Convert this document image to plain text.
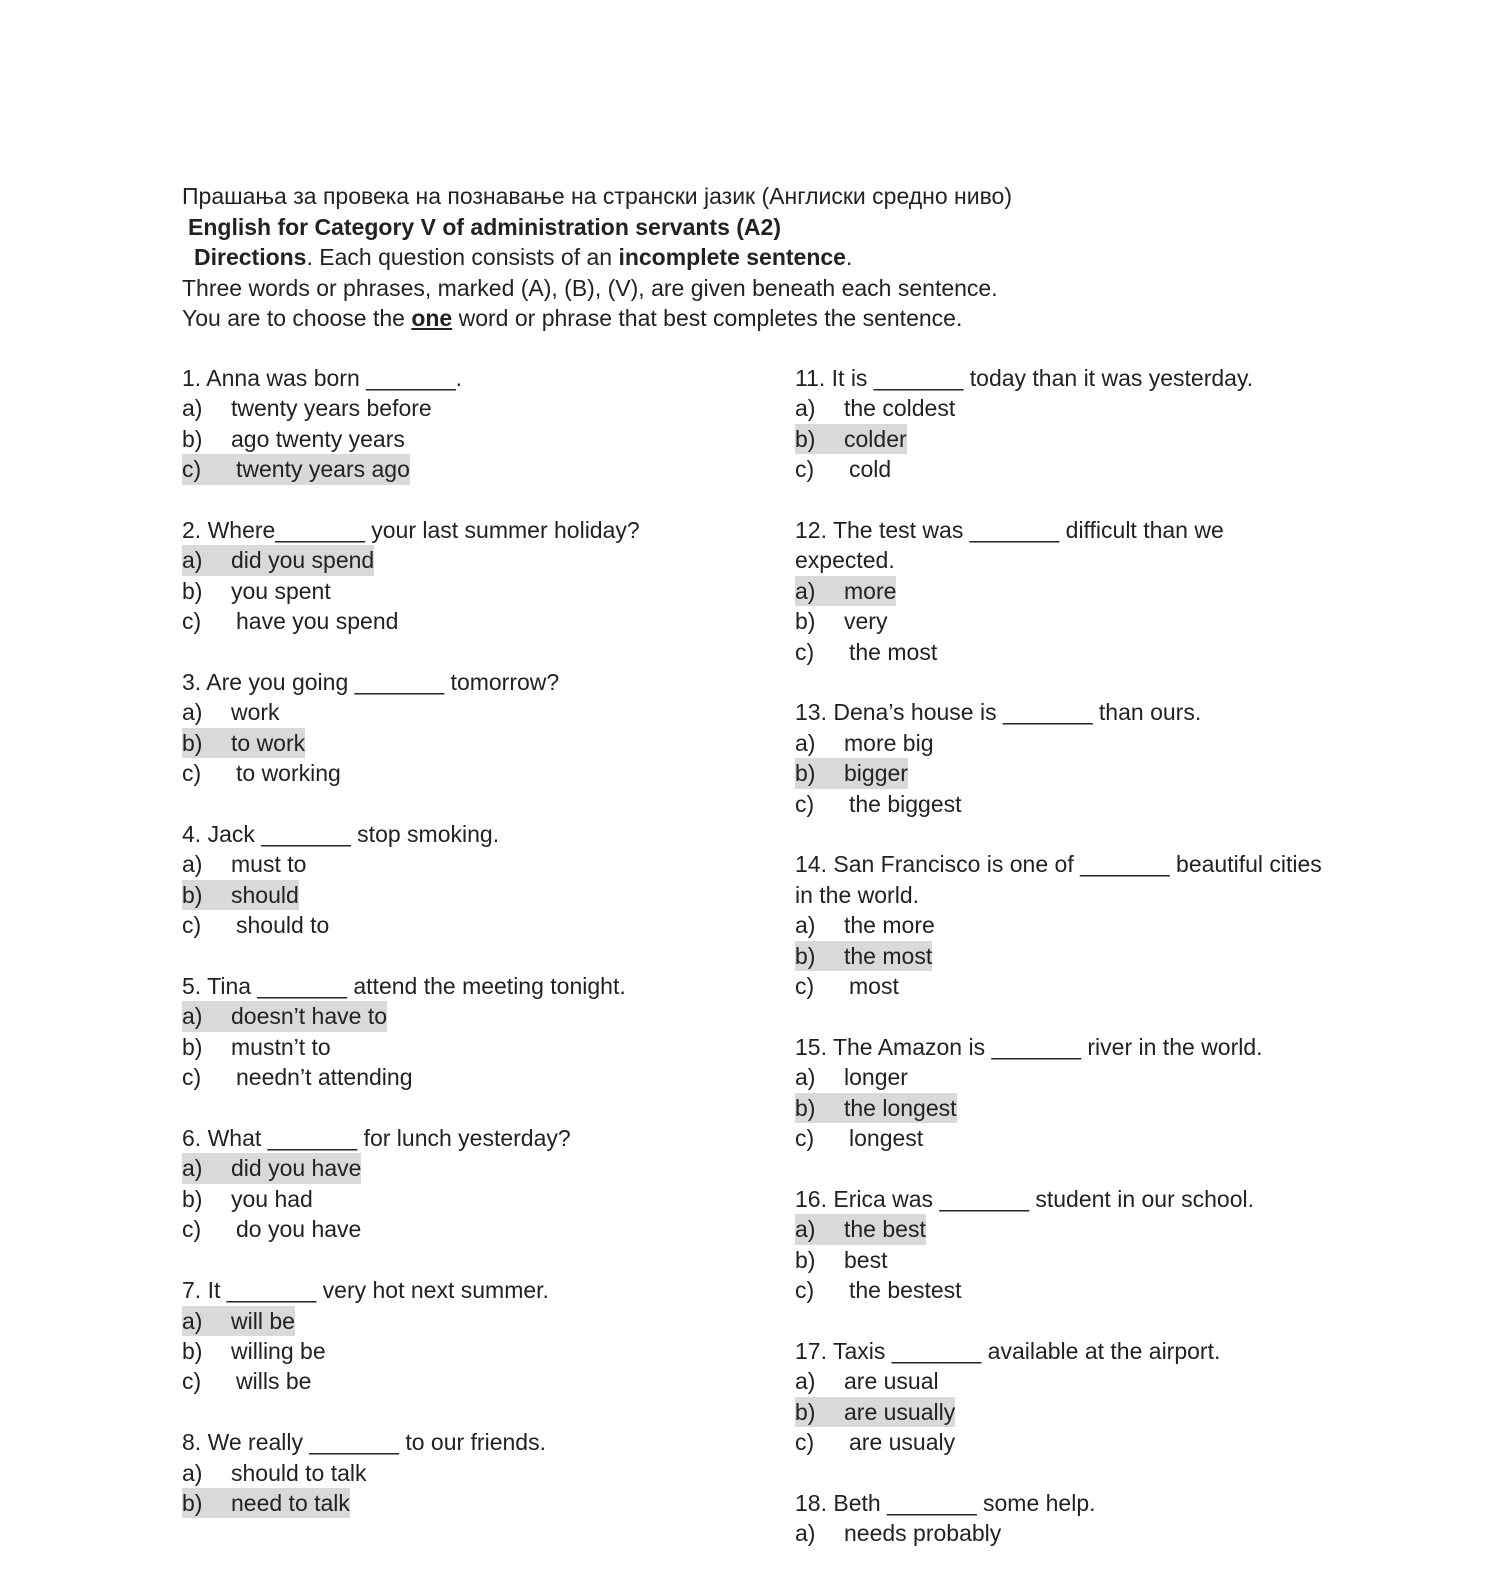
Прашања за провека на познавање на странски јазик (Англиски средно ниво)
English for Category V of administration servants (A2)
Directions. Each question consists of an incomplete sentence.
Three words or phrases, marked (A), (B), (V), are given beneath each sentence.
You are to choose the one word or phrase that best completes the sentence.
1. Anna was born _______.
a) twenty years before
b) ago twenty years
c) twenty years ago
2. Where_______ your last summer holiday?
a) did you spend
b) you spent
c) have you spend
3. Are you going _______ tomorrow?
a) work
b) to work
c) to working
4. Jack _______ stop smoking.
a) must to
b) should
c) should to
5. Tina _______ attend the meeting tonight.
a) doesn’t have to
b) mustn’t to
c) needn’t attending
6. What _______ for lunch yesterday?
a) did you have
b) you had
c) do you have
7. It _______ very hot next summer.
a) will be
b) willing be
c) wills be
8. We really _______ to our friends.
a) should to talk
b) need to talk
11. It is _______ today than it was yesterday.
a) the coldest
b) colder
c) cold
12. The test was _______ difficult than we expected.
a) more
b) very
c) the most
13. Dena’s house is _______ than ours.
a) more big
b) bigger
c) the biggest
14. San Francisco is one of _______ beautiful cities in the world.
a) the more
b) the most
c) most
15. The Amazon is _______ river in the world.
a) longer
b) the longest
c) longest
16. Erica was _______ student in our school.
a) the best
b) best
c) the bestest
17. Taxis _______ available at the airport.
a) are usual
b) are usually
c) are usualy
18. Beth _______ some help.
a) needs probably
